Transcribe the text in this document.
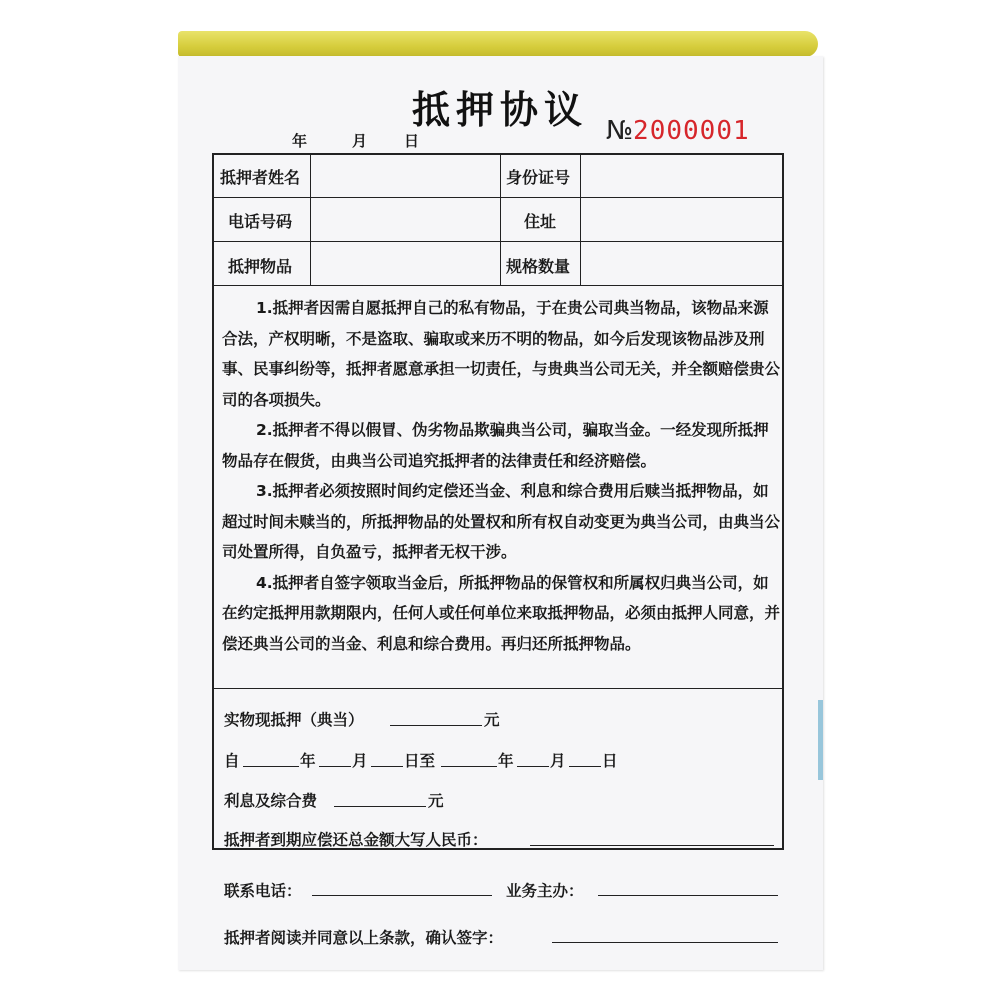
抵押协议
年	月 日	№2000001
抵押者姓名	身份证号
电话号码	住址
抵押物品	规格数量

1.抵押者因需自愿抵押自己的私有物品，于在贵公司典当物品，该物品来源合法，产权明晰，不是盗取、骗取或来历不明的物品，如今后发现该物品涉及刑事、民事纠纷等，抵押者愿意承担一切责任，与贵典当公司无关，并全额赔偿贵公司的各项损失。

2.抵押者不得以假冒、伪劣物品欺骗典当公司，骗取当金。一经发现所抵押物品存在假货，由典当公司追究抵押者的法律责任和经济赔偿。

3.抵押者必须按照时间约定偿还当金、利息和综合费用后赎当抵押物品，如超过时间未赎当的，所抵押物品的处置权和所有权自动变更为典当公司，由典当公司处置所得，自负盈亏，抵押者无权干涉。

4.抵押者自签字领取当金后，所抵押物品的保管权和所属权归典当公司，如在约定抵押用款期限内，任何人或任何单位来取抵押物品，必须由抵押人同意，并偿还典当公司的当金、利息和综合费用。再归还所抵押物品。

实物现抵押（典当）	元
自	年 月 日至	年 月 日
利息及综合费	元
抵押者到期应偿还总金额大写人民币：
联系电话：	业务主办：
抵押者阅读并同意以上条款，确认签字：
